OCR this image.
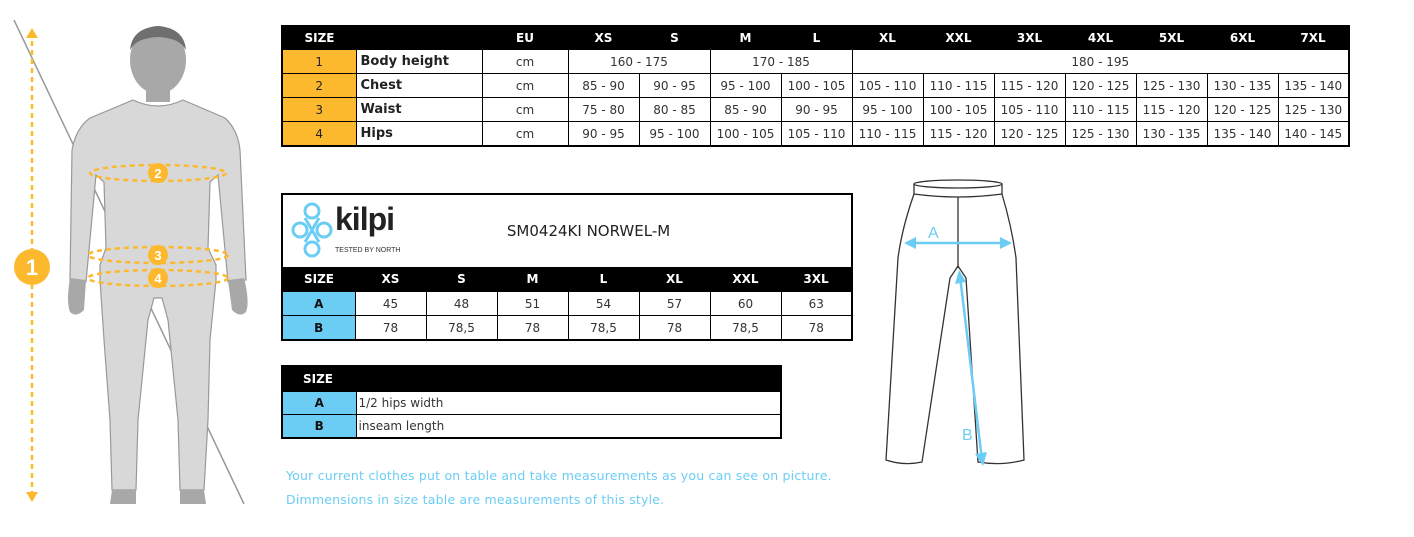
1
2
3
4
SIZE		EU	XS	S	M	L	XL	XXL	3XL	4XL	5XL	6XL	7XL
1	Body height	cm	160 - 175		170 - 185		180 - 195						
2	Chest	cm	85 - 90	90 - 95	95 - 100	100 - 105	105 - 110	110 - 115	115 - 120	120 - 125	125 - 130	130 - 135	135 - 140
3	Waist	cm	75 - 80	80 - 85	85 - 90	90 - 95	95 - 100	100 - 105	105 - 110	110 - 115	115 - 120	120 - 125	125 - 130
4	Hips	cm	90 - 95	95 - 100	100 - 105	105 - 110	110 - 115	115 - 120	120 - 125	125 - 130	130 - 135	135 - 140	140 - 145
kilpi
TESTED BY NORTH		SM0424KI NORWEL-M					
SIZE	XS	S	M	L	XL	XXL	3XL
A	45	48	51	54	57	60	63
B	78	78,5	78	78,5	78	78,5	78
SIZE	
A	1/2 hips width
B	inseam length
A
B
Your current clothes put on table and take measurements as you can see on picture.
Dimmensions in size table are measurements of this style.
